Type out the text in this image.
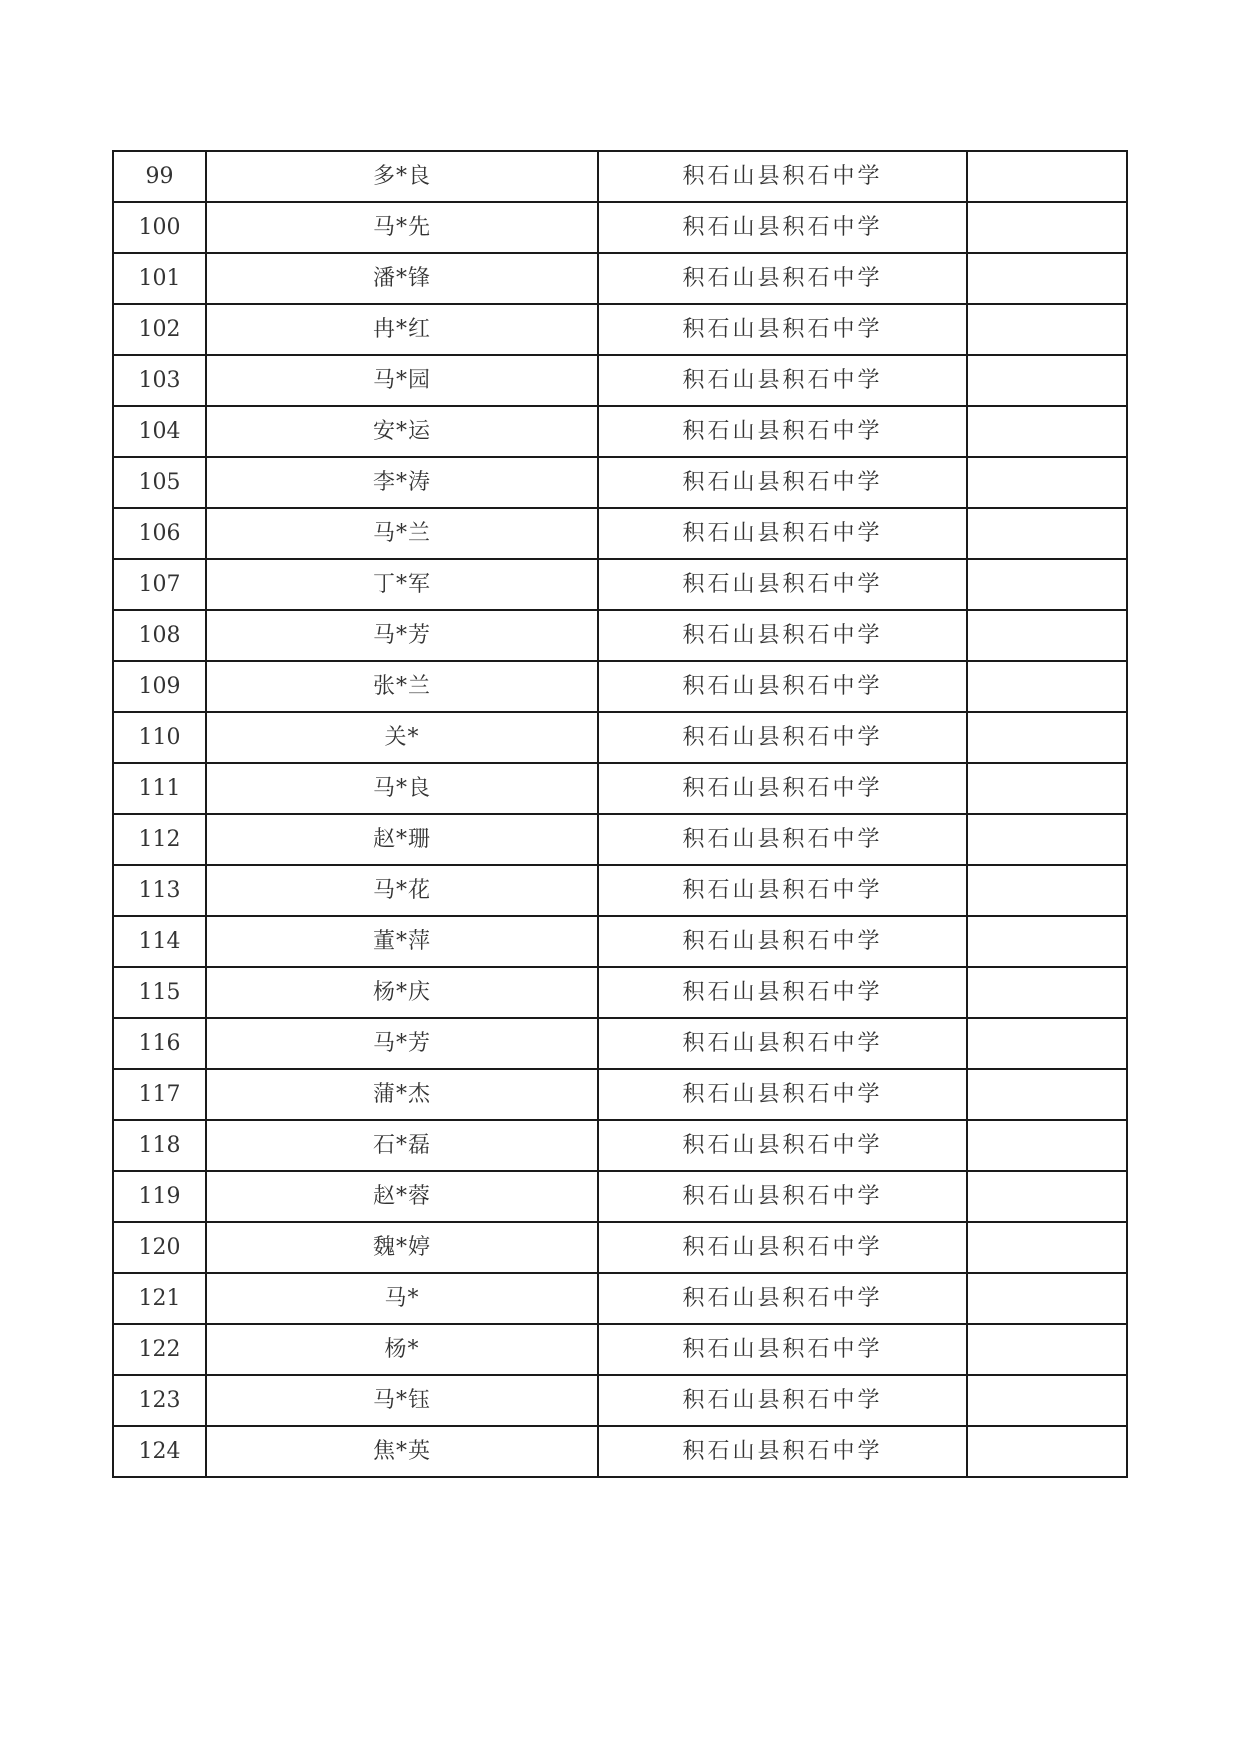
99	多*良	积石山县积石中学	
100	马*先	积石山县积石中学	
101	潘*锋	积石山县积石中学	
102	冉*红	积石山县积石中学	
103	马*园	积石山县积石中学	
104	安*运	积石山县积石中学	
105	李*涛	积石山县积石中学	
106	马*兰	积石山县积石中学	
107	丁*军	积石山县积石中学	
108	马*芳	积石山县积石中学	
109	张*兰	积石山县积石中学	
110	关*	积石山县积石中学	
111	马*良	积石山县积石中学	
112	赵*珊	积石山县积石中学	
113	马*花	积石山县积石中学	
114	董*萍	积石山县积石中学	
115	杨*庆	积石山县积石中学	
116	马*芳	积石山县积石中学	
117	蒲*杰	积石山县积石中学	
118	石*磊	积石山县积石中学	
119	赵*蓉	积石山县积石中学	
120	魏*婷	积石山县积石中学	
121	马*	积石山县积石中学	
122	杨*	积石山县积石中学	
123	马*钰	积石山县积石中学	
124	焦*英	积石山县积石中学	
